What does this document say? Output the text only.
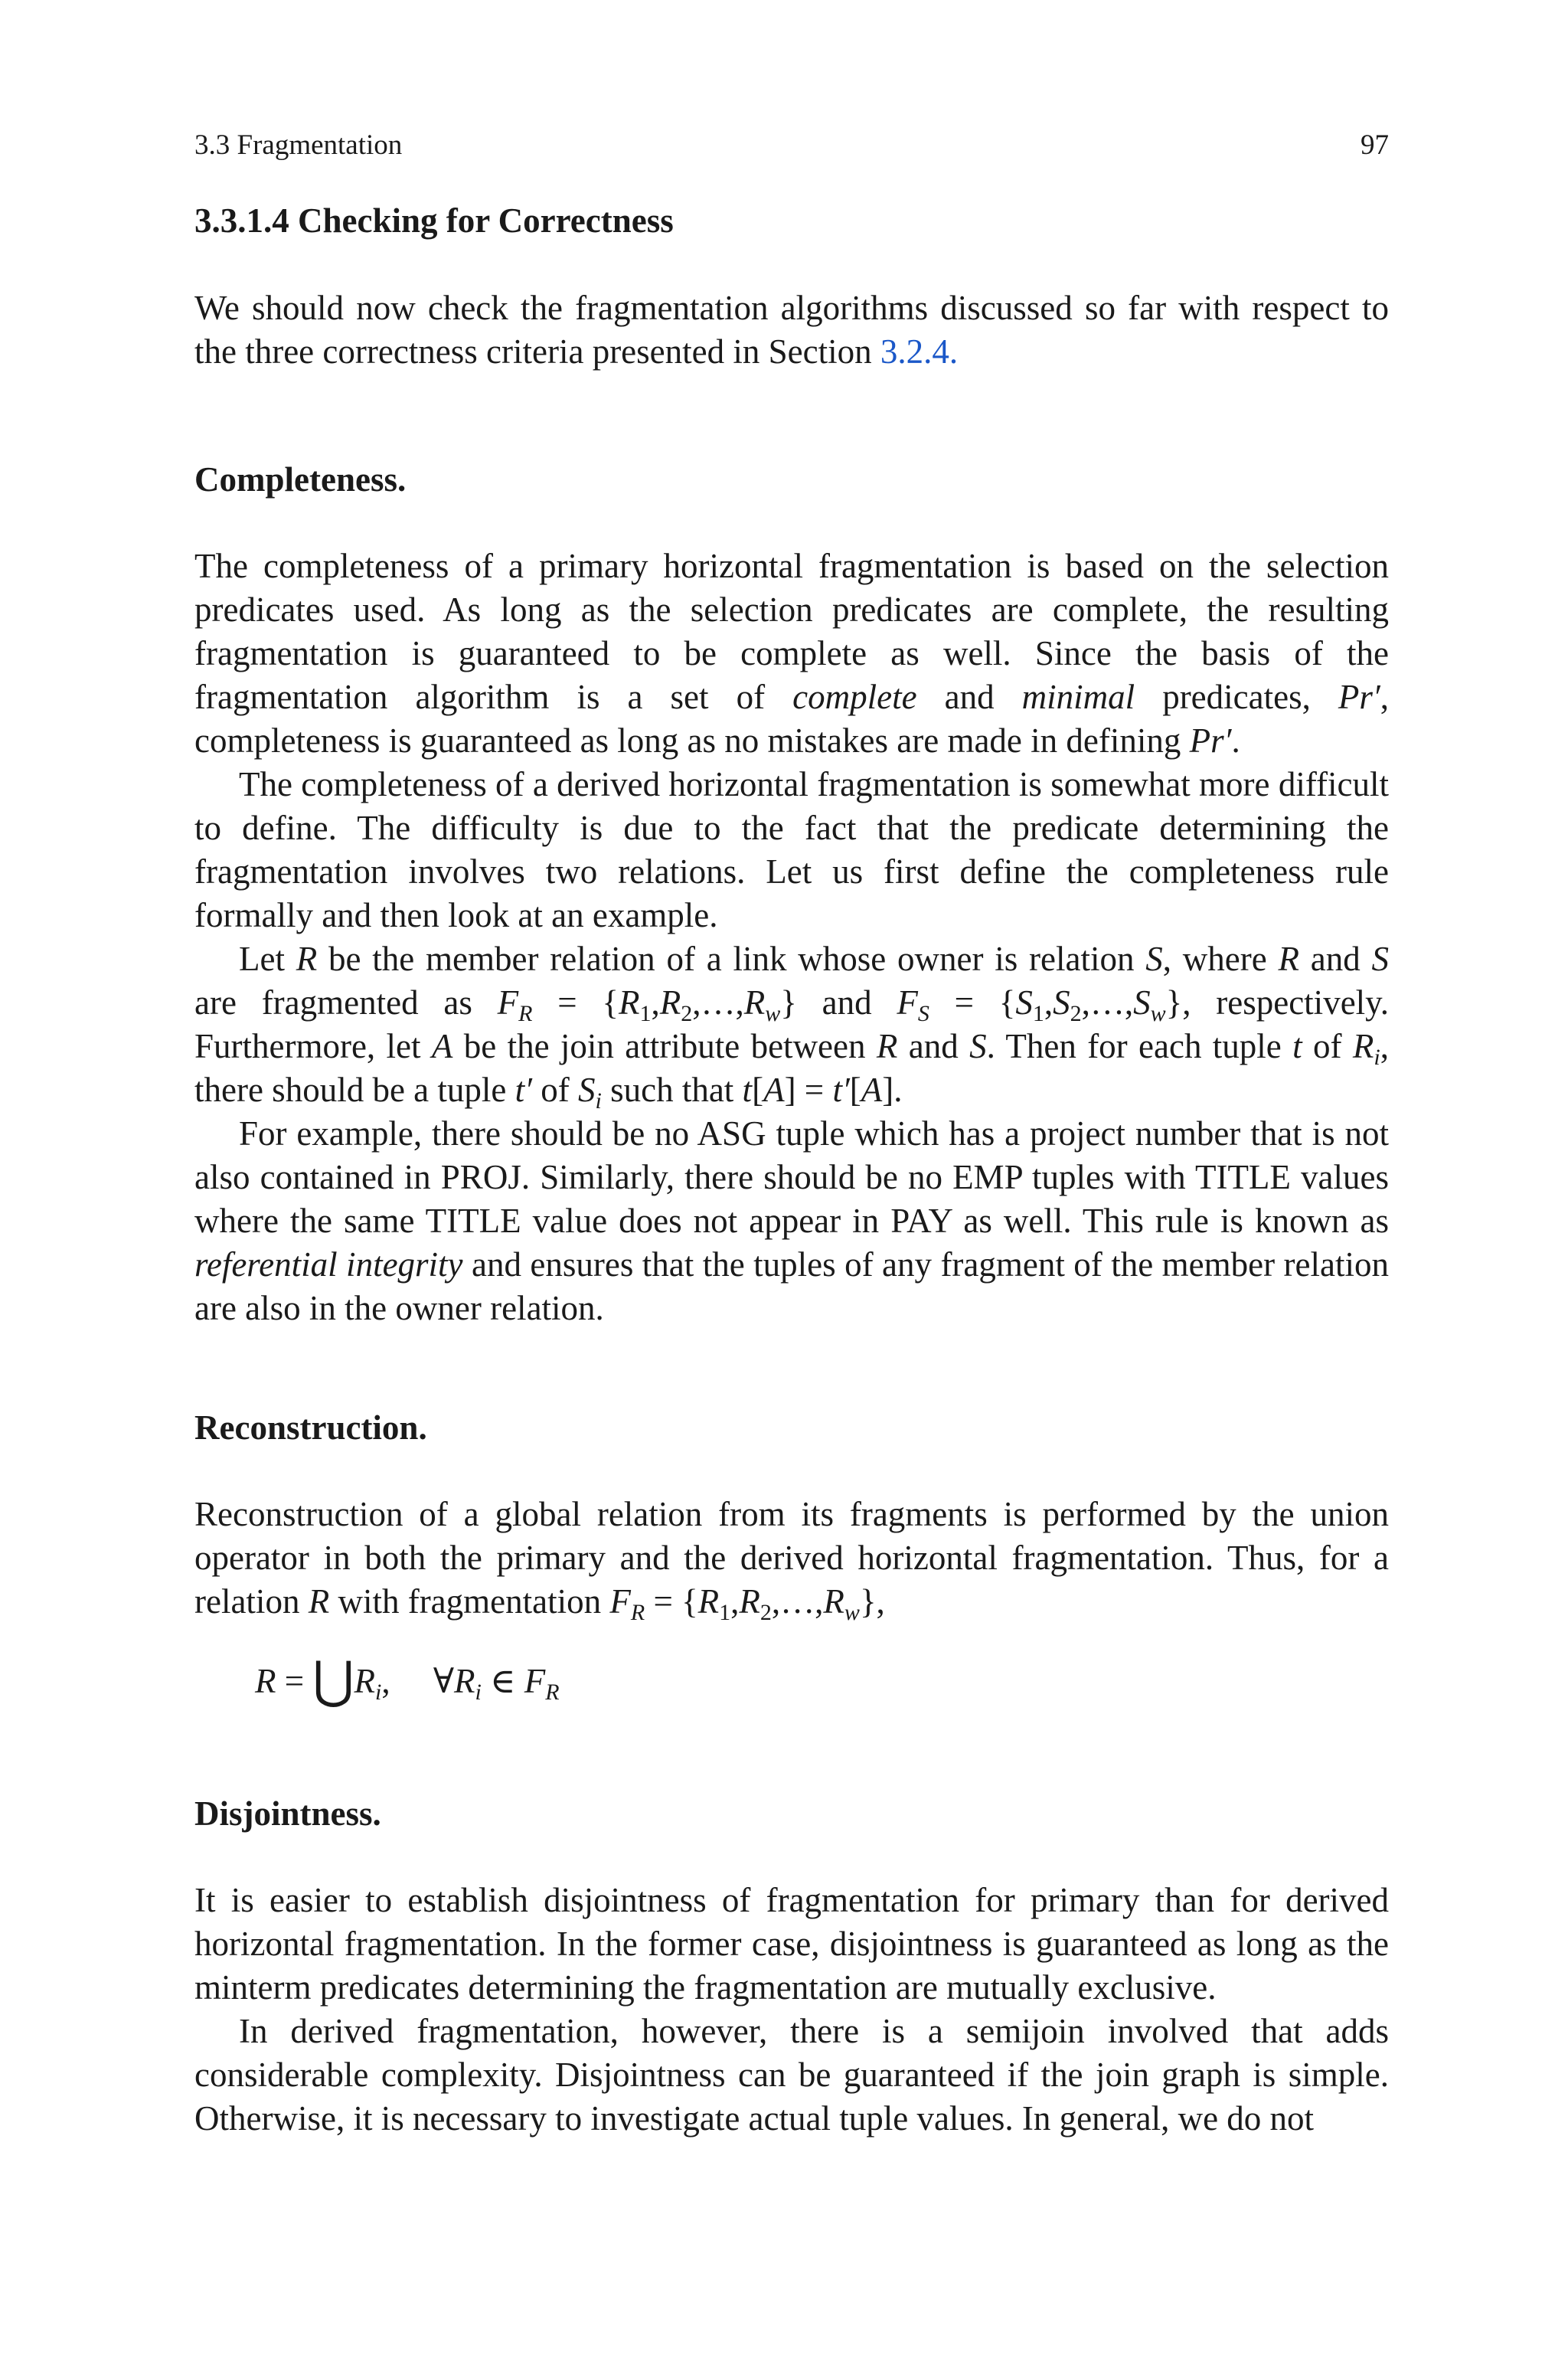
3.3 Fragmentation	97
3.3.1.4 Checking for Correctness

We should now check the fragmentation algorithms discussed so far with respect to the three correctness criteria presented in Section 3.2.4.

Completeness.

The completeness of a primary horizontal fragmentation is based on the selection predicates used. As long as the selection predicates are complete, the resulting fragmentation is guaranteed to be complete as well. Since the basis of the fragmentation algorithm is a set of complete and minimal predicates, Pr′, completeness is guaranteed as long as no mistakes are made in defining Pr′.

The completeness of a derived horizontal fragmentation is somewhat more difficult to define. The difficulty is due to the fact that the predicate determining the fragmentation involves two relations. Let us first define the completeness rule formally and then look at an example.

Let R be the member relation of a link whose owner is relation S, where R and S are fragmented as $F_R$ = $\{R_1,R_2,\dots,R_w\}$ and $F_S$ = $\{S_1,S_2,\dots,S_w\}$, respectively. Furthermore, let A be the join attribute between R and S. Then for each tuple t of $R_i$, there should be a tuple t′ of $S_i$ such that t[A] = t′[A].

For example, there should be no ASG tuple which has a project number that is not also contained in PROJ. Similarly, there should be no EMP tuples with TITLE values where the same TITLE value does not appear in PAY as well. This rule is known as referential integrity and ensures that the tuples of any fragment of the member relation are also in the owner relation.

Reconstruction.

Reconstruction of a global relation from its fragments is performed by the union operator in both the primary and the derived horizontal fragmentation. Thus, for a relation R with fragmentation $F_R$ = $\{R_1,R_2,\dots,R_w\}$,

$R = ⋃R_i$,     $\forall R_i$ ∈ $F_R$
Disjointness.

It is easier to establish disjointness of fragmentation for primary than for derived horizontal fragmentation. In the former case, disjointness is guaranteed as long as the minterm predicates determining the fragmentation are mutually exclusive.

In derived fragmentation, however, there is a semijoin involved that adds considerable complexity. Disjointness can be guaranteed if the join graph is simple. Otherwise, it is necessary to investigate actual tuple values. In general, we do not
